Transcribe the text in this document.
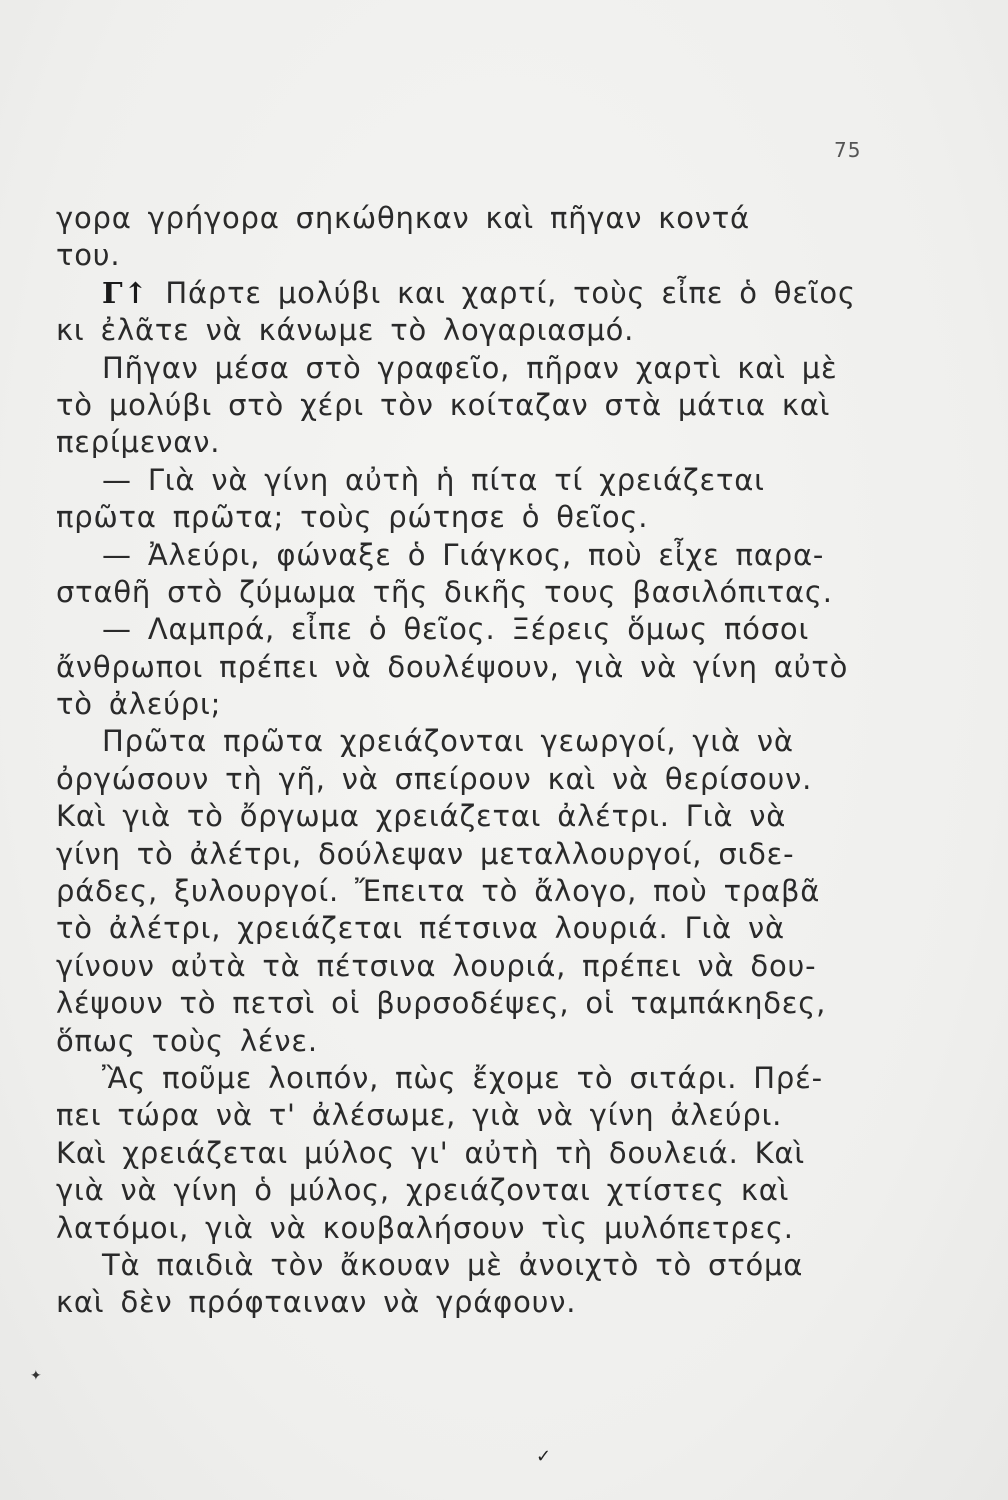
75
γορα γρήγορα σηκώθηκαν καὶ πῆγαν κοντά
του.
Γ↑ Πάρτε μολύβι και χαρτί, τοὺς εἶπε ὁ θεῖος
κι ἐλᾶτε νὰ κάνωμε τὸ λογαριασμό.
Πῆγαν μέσα στὸ γραφεῖο, πῆραν χαρτὶ καὶ μὲ
τὸ μολύβι στὸ χέρι τὸν κοίταζαν στὰ μάτια καὶ
περίμεναν.
— Γιὰ νὰ γίνη αὐτὴ ἡ πίτα τί χρειάζεται
πρῶτα πρῶτα; τοὺς ρώτησε ὁ θεῖος.
— Ἀλεύρι, φώναξε ὁ Γιάγκος, ποὺ εἶχε παρα-
σταθῆ στὸ ζύμωμα τῆς δικῆς τους βασιλόπιτας.
— Λαμπρά, εἶπε ὁ θεῖος. Ξέρεις ὅμως πόσοι
ἄνθρωποι πρέπει νὰ δουλέψουν, γιὰ νὰ γίνη αὐτὸ
τὸ ἀλεύρι;
Πρῶτα πρῶτα χρειάζονται γεωργοί, γιὰ νὰ
ὀργώσουν τὴ γῆ, νὰ σπείρουν καὶ νὰ θερίσουν.
Καὶ γιὰ τὸ ὄργωμα χρειάζεται ἀλέτρι. Γιὰ νὰ
γίνη τὸ ἀλέτρι, δούλεψαν μεταλλουργοί, σιδε-
ράδες, ξυλουργοί. Ἔπειτα τὸ ἄλογο, ποὺ τραβᾶ
τὸ ἀλέτρι, χρειάζεται πέτσινα λουριά. Γιὰ νὰ
γίνουν αὐτὰ τὰ πέτσινα λουριά, πρέπει νὰ δου-
λέψουν τὸ πετσὶ οἱ βυρσοδέψες, οἱ ταμπάκηδες,
ὅπως τοὺς λένε.
Ἂς ποῦμε λοιπόν, πὼς ἔχομε τὸ σιτάρι. Πρέ-
πει τώρα νὰ τ' ἀλέσωμε, γιὰ νὰ γίνη ἀλεύρι.
Καὶ χρειάζεται μύλος γι' αὐτὴ τὴ δουλειά. Καὶ
γιὰ νὰ γίνη ὁ μύλος, χρειάζονται χτίστες καὶ
λατόμοι, γιὰ νὰ κουβαλήσουν τὶς μυλόπετρες.
Τὰ παιδιὰ τὸν ἄκουαν μὲ ἀνοιχτὸ τὸ στόμα
καὶ δὲν πρόφταιναν νὰ γράφουν.
✓
✦
